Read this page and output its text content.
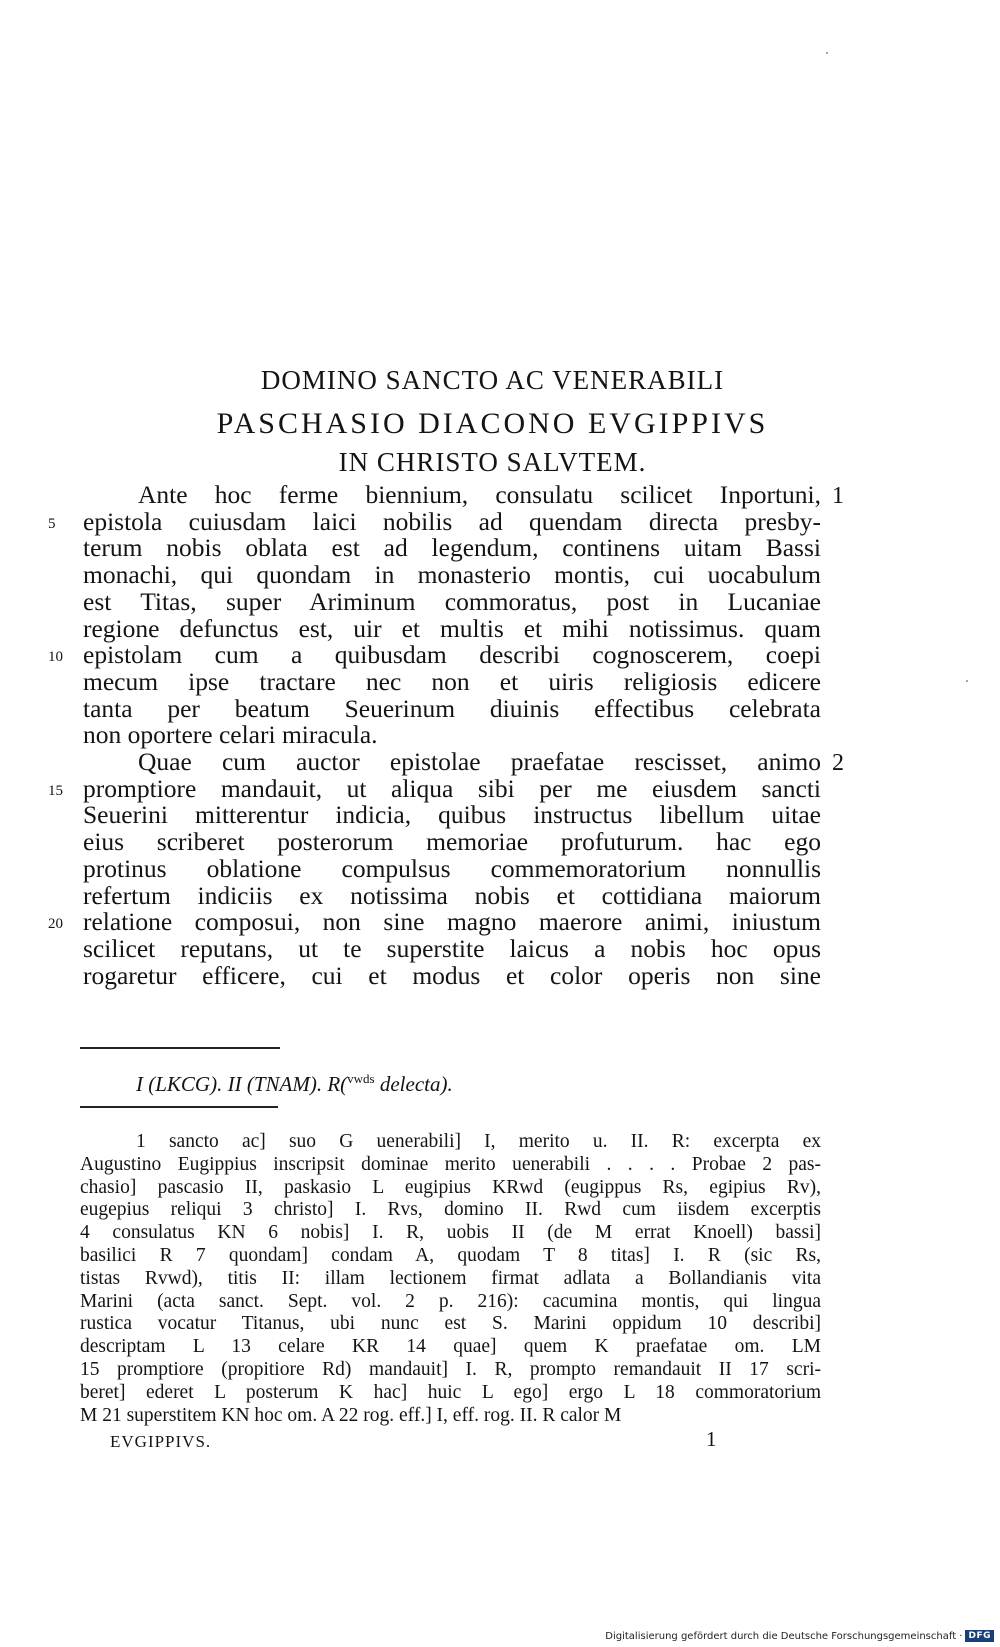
DOMINO SANCTO AC VENERABILI
PASCHASIO DIACONO EVGIPPIVS
IN CHRISTO SALVTEM.
Ante hoc ferme biennium, consulatu scilicet Inportuni, 1
epistola cuiusdam laici nobilis ad quendam directa presby-
5
terum nobis oblata est ad legendum, continens uitam Bassi
monachi, qui quondam in monasterio montis, cui uocabulum
est Titas, super Ariminum commoratus, post in Lucaniae
regione defunctus est, uir et multis et mihi notissimus. quam
epistolam cum a quibusdam describi cognoscerem, coepi
10
mecum ipse tractare nec non et uiris religiosis edicere
tanta per beatum Seuerinum diuinis effectibus celebrata
non oportere celari miracula.
Quae cum auctor epistolae praefatae rescisset, animo 2
promptiore mandauit, ut aliqua sibi per me eiusdem sancti
15
Seuerini mitterentur indicia, quibus instructus libellum uitae
eius scriberet posterorum memoriae profuturum. hac ego
protinus oblatione compulsus commemoratorium nonnullis
refertum indiciis ex notissima nobis et cottidiana maiorum
relatione composui, non sine magno maerore animi, iniustum
20
scilicet reputans, ut te superstite laicus a nobis hoc opus
rogaretur efficere, cui et modus et color operis non sine
I (LKCG). II (TNAM). R($^{vwds}$ delecta).
1 sancto ac] suo G uenerabili] I, merito u. II. R: excerpta ex
Augustino Eugippius inscripsit dominae merito uenerabili . . . . Probae 2 pas-
chasio] pascasio II, paskasio L eugipius KRwd (eugippus Rs, egipius Rv),
eugepius reliqui 3 christo] I. Rvs, domino II. Rwd cum iisdem excerptis
4 consulatus KN 6 nobis] I. R, uobis II (de M errat Knoell) bassi]
basilici R 7 quondam] condam A, quodam T 8 titas] I. R (sic Rs,
tistas Rvwd), titis II: illam lectionem firmat adlata a Bollandianis vita
Marini (acta sanct. Sept. vol. 2 p. 216): cacumina montis, qui lingua
rustica vocatur Titanus, ubi nunc est S. Marini oppidum 10 describi]
descriptam L 13 celare KR 14 quae] quem K praefatae om. LM
15 promptiore (propitiore Rd) mandauit] I. R, prompto remandauit II 17 scri-
beret] ederet L posterum K hac] huic L ego] ergo L 18 commoratorium
M 21 superstitem KN hoc om. A 22 rog. eff.] I, eff. rog. II. R calor M
EVGIPPIVS.	1
Digitalisierung gefördert durch die Deutsche Forschungsgemeinschaft · DFG
